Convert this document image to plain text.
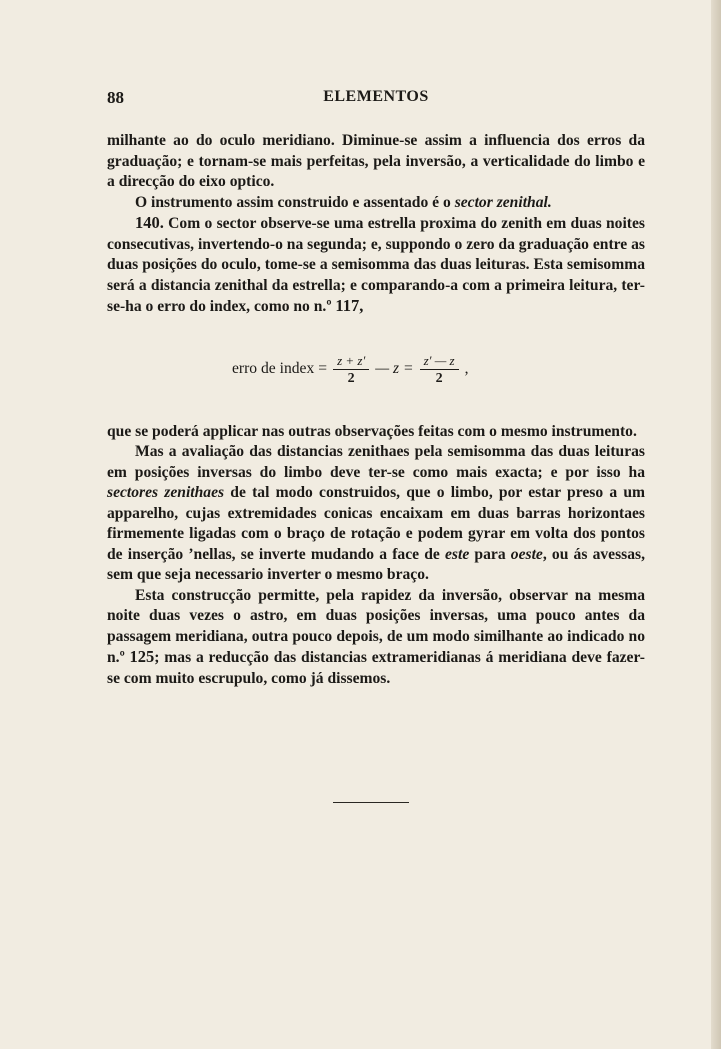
88	ELEMENTOS

milhante ao do oculo meridiano. Diminue-se assim a influencia dos erros da graduação; e tornam-se mais perfeitas, pela inversão, a verticalidade do limbo e a direcção do eixo optico.

O instrumento assim construido e assentado é o sector zenithal.

140. Com o sector observe-se uma estrella proxima do zenith em duas noites consecutivas, invertendo-o na segunda; e, suppondo o zero da graduação entre as duas posições do oculo, tome-se a semisomma das duas leituras. Esta semisomma será a distancia zenithal da estrella; e comparando-a com a primeira leitura, ter-se-ha o erro do index, como no n.º 117,

erro de index = $\frac{z + z'}{2}$ — $z = \frac{z' — z}{2}$ ,

que se poderá applicar nas outras observações feitas com o mesmo instrumento.

Mas a avaliação das distancias zenithaes pela semisomma das duas leituras em posições inversas do limbo deve ter-se como mais exacta; e por isso ha sectores zenithaes de tal modo construidos, que o limbo, por estar preso a um apparelho, cujas extremidades conicas encaixam em duas barras horizontaes firmemente ligadas com o braço de rotação e podem gyrar em volta dos pontos de inserção ’nellas, se inverte mudando a face de este para oeste, ou ás avessas, sem que seja necessario inverter o mesmo braço.

Esta construcção permitte, pela rapidez da inversão, observar na mesma noite duas vezes o astro, em duas posições inversas, uma pouco antes da passagem meridiana, outra pouco depois, de um modo similhante ao indicado no n.º 125; mas a reducção das distancias extrameridianas á meridiana deve fazer-se com muito escrupulo, como já dissemos.
